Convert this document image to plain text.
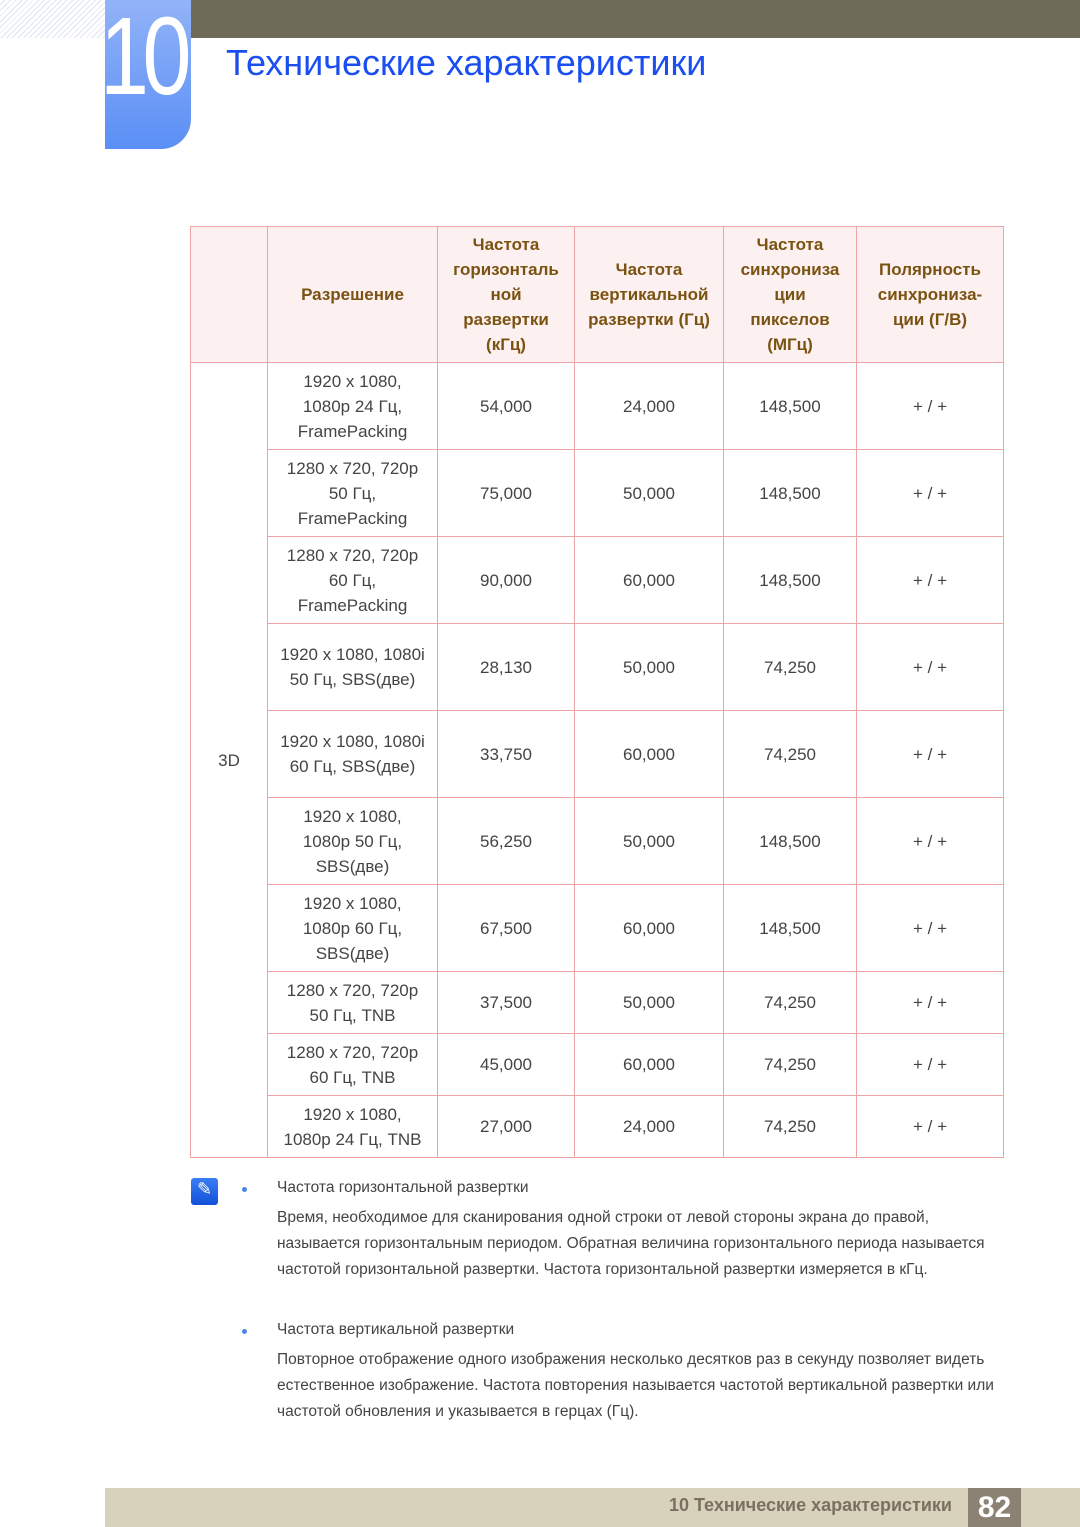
10 Технические характеристики
	Разрешение	Частота горизонталь ной развертки (кГц)	Частота вертикальной развертки (Гц)	Частота синхрониза ции пикселов (МГц)	Полярность синхрониза-ции (Г/В)
3D	1920 x 1080, 1080p 24 Гц, FramePacking	54,000	24,000	148,500	+ / +
	1280 x 720, 720p 50 Гц, FramePacking	75,000	50,000	148,500	+ / +
	1280 x 720, 720p 60 Гц, FramePacking	90,000	60,000	148,500	+ / +
	1920 x 1080, 1080i 50 Гц, SBS(две)	28,130	50,000	74,250	+ / +
	1920 x 1080, 1080i 60 Гц, SBS(две)	33,750	60,000	74,250	+ / +
	1920 x 1080, 1080p 50 Гц, SBS(две)	56,250	50,000	148,500	+ / +
	1920 x 1080, 1080p 60 Гц, SBS(две)	67,500	60,000	148,500	+ / +
	1280 x 720, 720p 50 Гц, TNB	37,500	50,000	74,250	+ / +
	1280 x 720, 720p 60 Гц, TNB	45,000	60,000	74,250	+ / +
	1920 x 1080, 1080p 24 Гц, TNB	27,000	24,000	74,250	+ / +
✎
Частота горизонтальной развертки
Время, необходимое для сканирования одной строки от левой стороны экрана до правой, называется горизонтальным периодом. Обратная величина горизонтального периода называется частотой горизонтальной развертки. Частота горизонтальной развертки измеряется в кГц.
Частота вертикальной развертки
Повторное отображение одного изображения несколько десятков раз в секунду позволяет видеть естественное изображение. Частота повторения называется частотой вертикальной развертки или частотой обновления и указывается в герцах (Гц).
10 Технические характеристики 82
